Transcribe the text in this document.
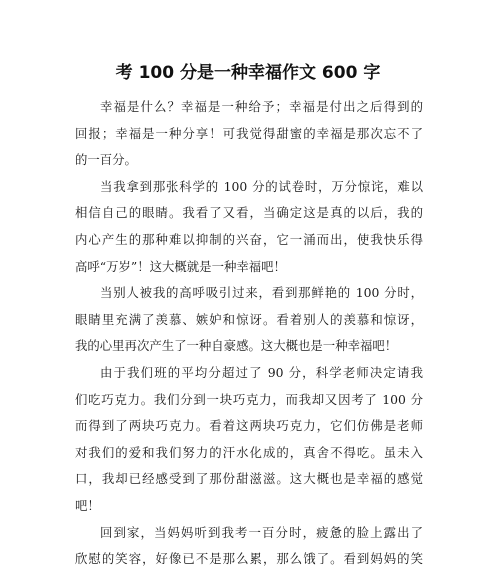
考 100 分是一种幸福作文 600 字
幸福是什么？幸福是一种给予；幸福是付出之后得到的
回报；幸福是一种分享！可我觉得甜蜜的幸福是那次忘不了
的一百分。
当我拿到那张科学的 100 分的试卷时，万分惊诧，难以
相信自己的眼睛。我看了又看，当确定这是真的以后，我的
内心产生的那种难以抑制的兴奋，它一涌而出，使我快乐得
高呼“万岁”！这大概就是一种幸福吧！
当别人被我的高呼吸引过来，看到那鲜艳的 100 分时，
眼睛里充满了羡慕、嫉妒和惊讶。看着别人的羡慕和惊讶，
我的心里再次产生了一种自豪感。这大概也是一种幸福吧！
由于我们班的平均分超过了 90 分，科学老师决定请我
们吃巧克力。我们分到一块巧克力，而我却又因考了 100 分
而得到了两块巧克力。看着这两块巧克力，它们仿佛是老师
对我们的爱和我们努力的汗水化成的，真舍不得吃。虽未入
口，我却已经感受到了那份甜滋滋。这大概也是幸福的感觉
吧！
回到家，当妈妈听到我考一百分时，疲惫的脸上露出了
欣慰的笑容，好像已不是那么累，那么饿了。看到妈妈的笑
